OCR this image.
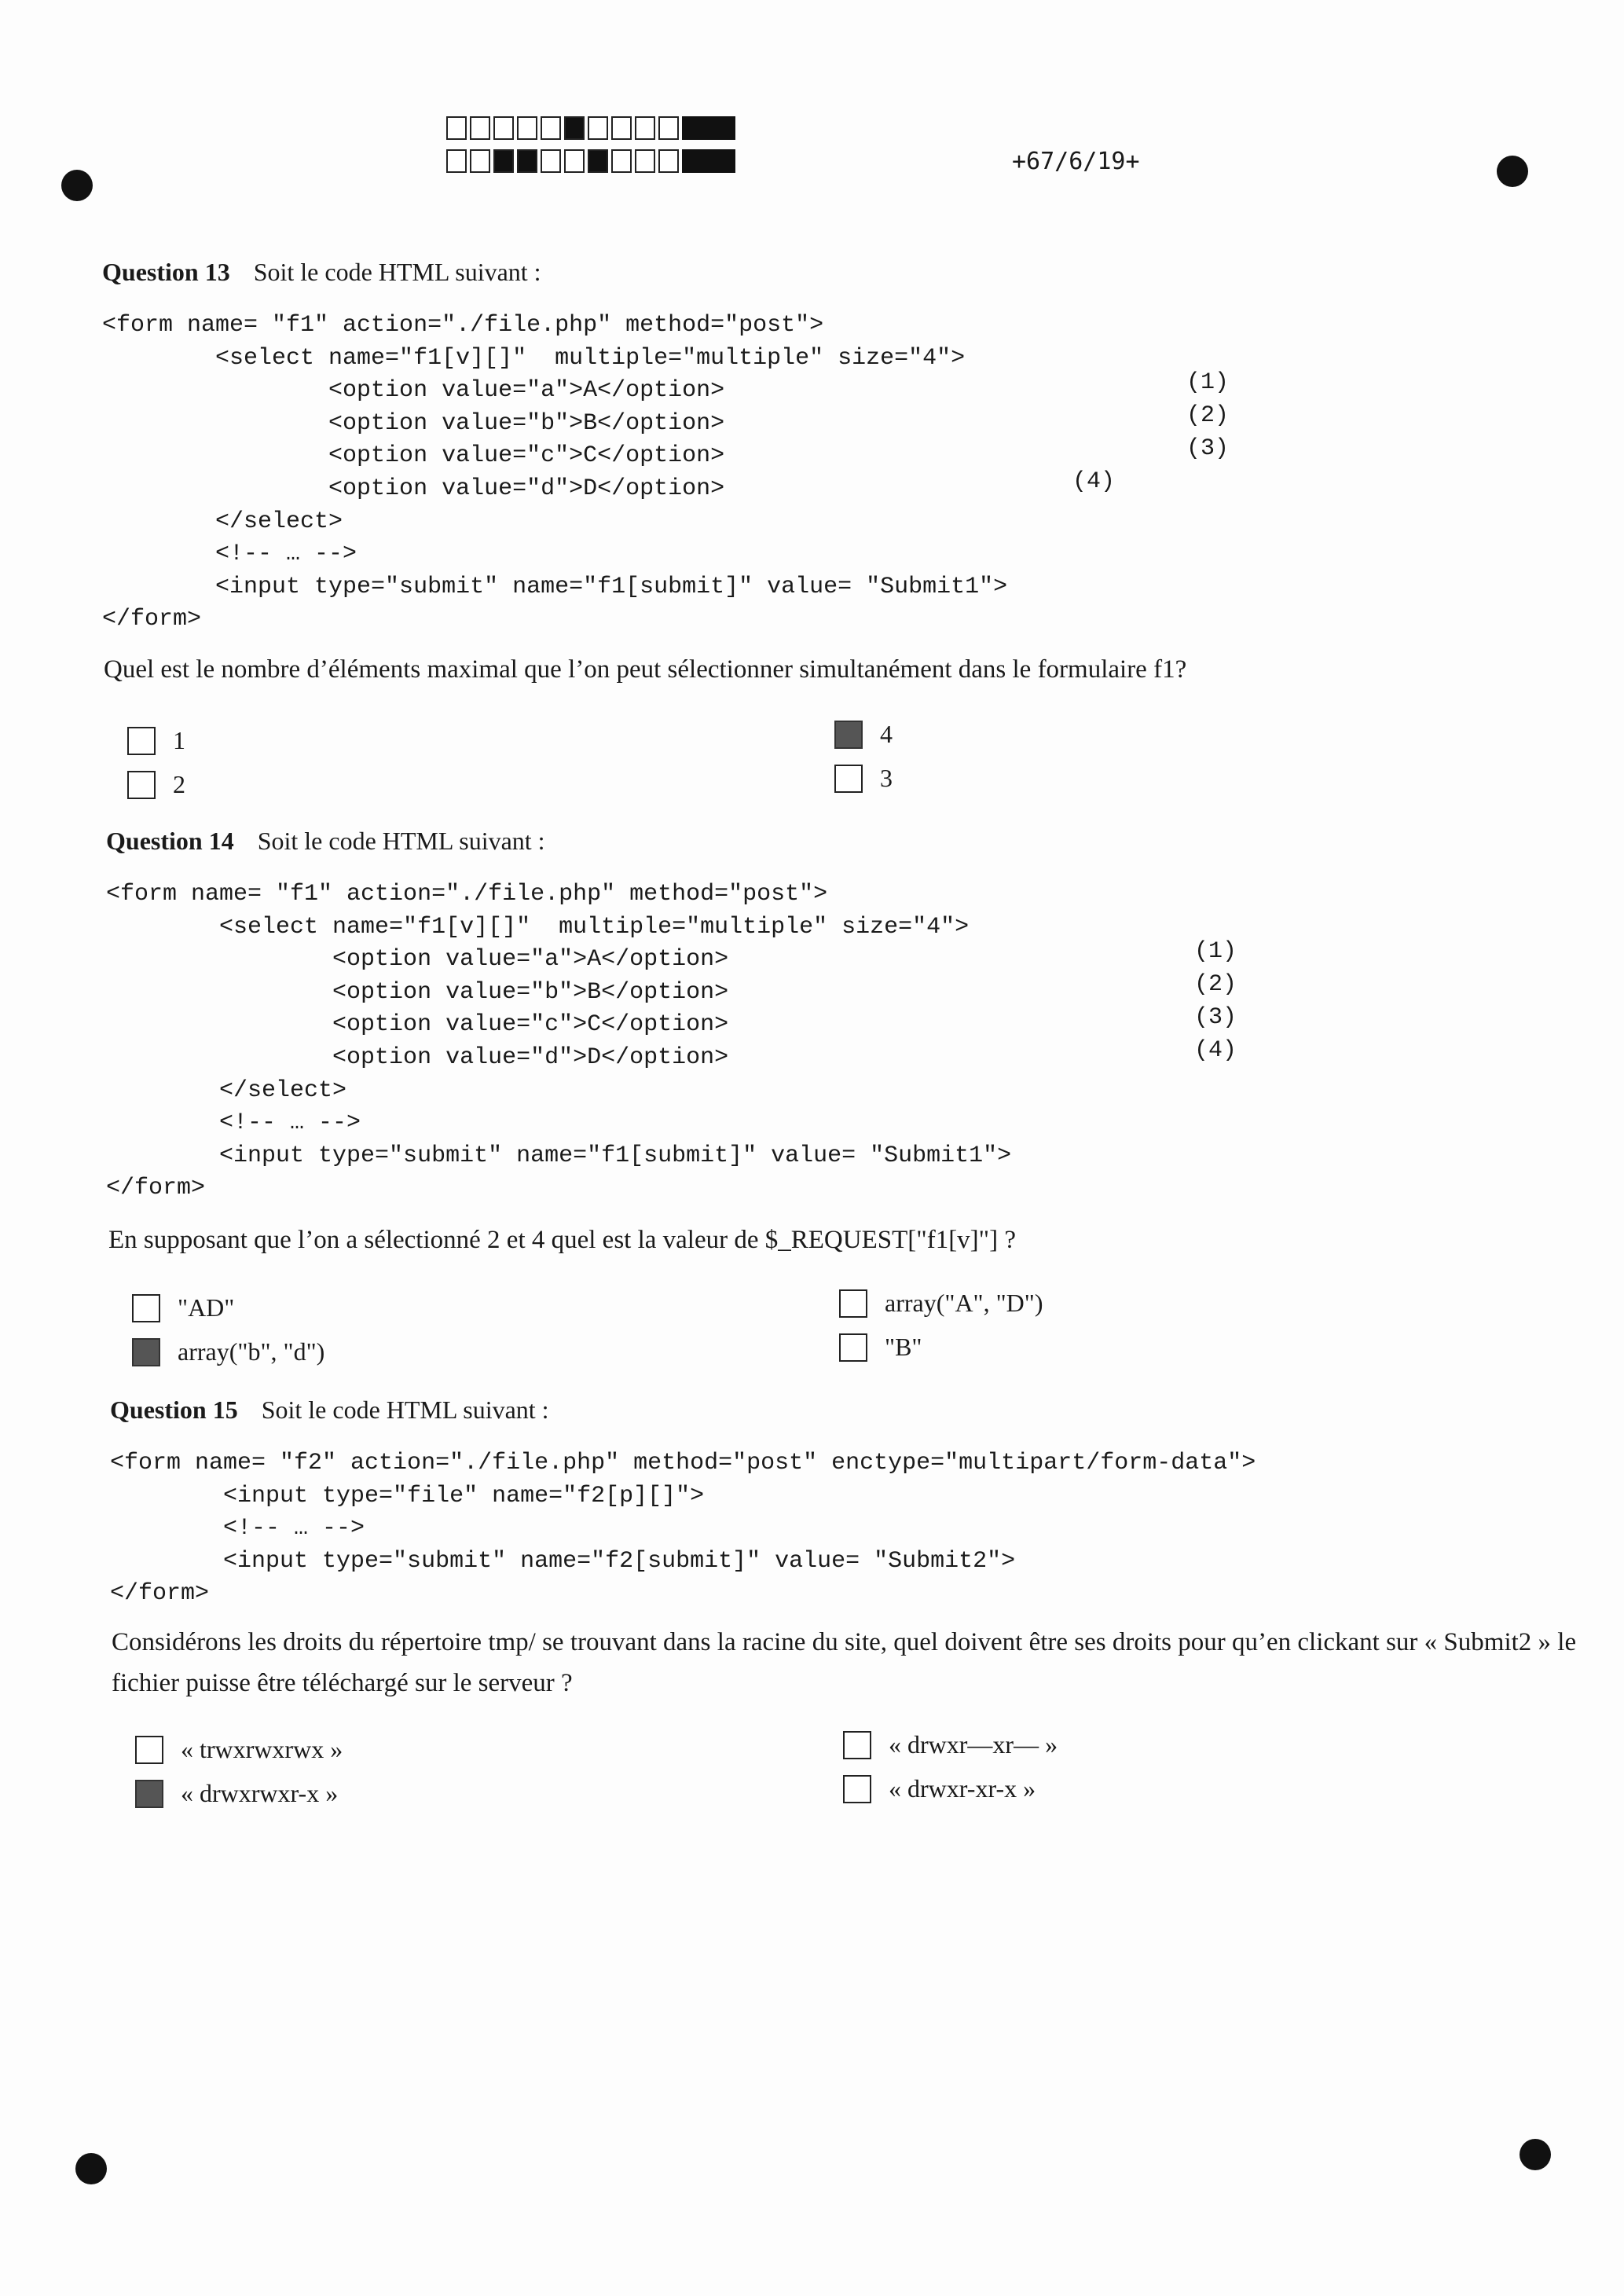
+67/6/19+
Question 13 Soit le code HTML suivant :
<form name= "f1" action="./file.php" method="post">
<select name="f1[v][]"  multiple="multiple" size="4">
<option value="a">A</option>
<option value="b">B</option>
<option value="c">C</option>
<option value="d">D</option>
</select>
<!-- … -->
<input type="submit" name="f1[submit]" value= "Submit1">
</form>
(1)
(2)
(3)
(4)
Quel est le nombre d’éléments maximal que l’on peut sélectionner simultanément dans le formulaire f1?
1
2
4
3
Question 14 Soit le code HTML suivant :
<form name= "f1" action="./file.php" method="post">
<select name="f1[v][]"  multiple="multiple" size="4">
<option value="a">A</option>
<option value="b">B</option>
<option value="c">C</option>
<option value="d">D</option>
</select>
<!-- … -->
<input type="submit" name="f1[submit]" value= "Submit1">
</form>
(1)
(2)
(3)
(4)
En supposant que l’on a sélectionné 2 et 4 quel est la valeur de $_REQUEST["f1[v]"] ?
"AD"
array("b", "d")
array("A", "D")
"B"
Question 15 Soit le code HTML suivant :
<form name= "f2" action="./file.php" method="post" enctype="multipart/form-data">
<input type="file" name="f2[p][]">
<!-- … -->
<input type="submit" name="f2[submit]" value= "Submit2">
</form>
Considérons les droits du répertoire tmp/ se trouvant dans la racine du site, quel doivent être ses droits pour qu’en clickant sur « Submit2 » le fichier puisse être téléchargé sur le serveur ?
« trwxrwxrwx »
« drwxrwxr-x »
« drwxr—xr— »
« drwxr-xr-x »
